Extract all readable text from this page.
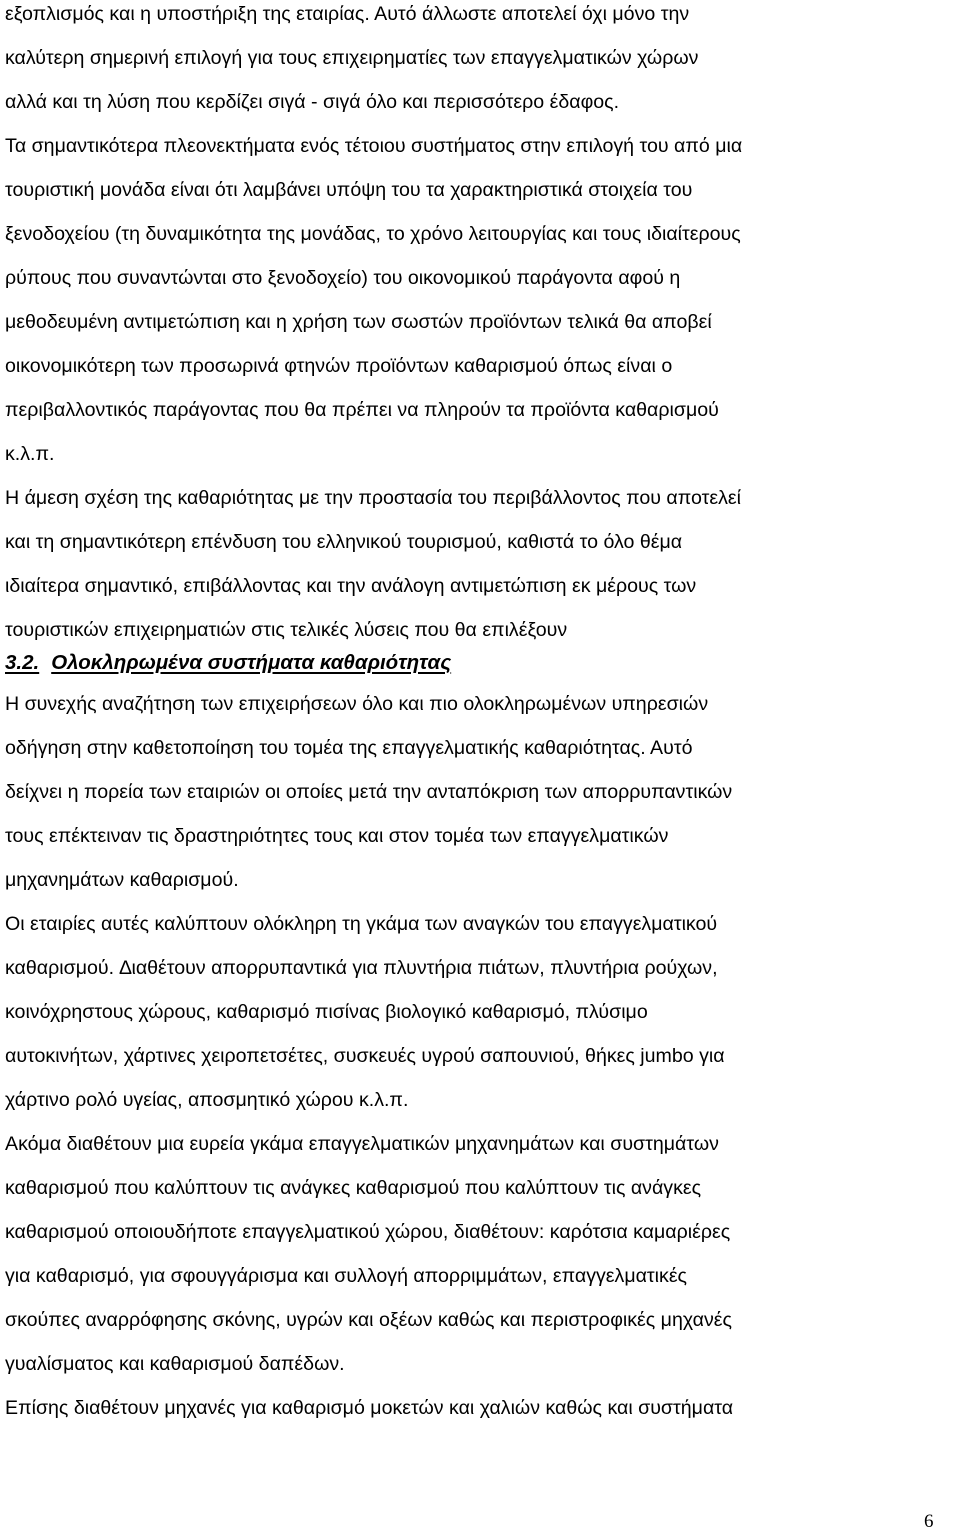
εξοπλισμός και η υποστήριξη της εταιρίας. Αυτό άλλωστε αποτελεί όχι μόνο την
καλύτερη σημερινή επιλογή για τους επιχειρηματίες των επαγγελματικών χώρων
αλλά και τη λύση που κερδίζει σιγά - σιγά όλο και περισσότερο έδαφος.
Τα σημαντικότερα πλεονεκτήματα ενός τέτοιου συστήματος στην επιλογή του από μια
τουριστική μονάδα είναι ότι λαμβάνει υπόψη του τα χαρακτηριστικά στοιχεία του
ξενοδοχείου (τη δυναμικότητα της μονάδας, το χρόνο λειτουργίας και τους ιδιαίτερους
ρύπους που συναντώνται στο ξενοδοχείο) του οικονομικού παράγοντα αφού η
μεθοδευμένη αντιμετώπιση και η χρήση των σωστών προϊόντων τελικά θα αποβεί
οικονομικότερη των προσωρινά φτηνών προϊόντων καθαρισμού όπως είναι ο
περιβαλλοντικός παράγοντας που θα πρέπει να πληρούν τα προϊόντα καθαρισμού
κ.λ.π.
Η άμεση σχέση της καθαριότητας με την προστασία του περιβάλλοντος που αποτελεί
και τη σημαντικότερη επένδυση του ελληνικού τουρισμού, καθιστά το όλο θέμα
ιδιαίτερα σημαντικό, επιβάλλοντας και την ανάλογη αντιμετώπιση εκ μέρους των
τουριστικών επιχειρηματιών στις τελικές λύσεις που θα επιλέξουν
3.2. Ολοκληρωμένα συστήματα καθαριότητας
Η συνεχής αναζήτηση των επιχειρήσεων όλο και πιο ολοκληρωμένων υπηρεσιών
οδήγηση στην καθετοποίηση του τομέα της επαγγελματικής καθαριότητας. Αυτό
δείχνει η πορεία των εταιριών οι οποίες μετά την ανταπόκριση των απορρυπαντικών
τους επέκτειναν τις δραστηριότητες τους και στον τομέα των επαγγελματικών
μηχανημάτων καθαρισμού.
Οι εταιρίες αυτές καλύπτουν ολόκληρη τη γκάμα των αναγκών του επαγγελματικού
καθαρισμού. ∆ιαθέτουν απορρυπαντικά για πλυντήρια πιάτων, πλυντήρια ρούχων,
κοινόχρηστους χώρους, καθαρισμό πισίνας βιολογικό καθαρισμό, πλύσιμο
αυτοκινήτων, χάρτινες χειροπετσέτες, συσκευές υγρού σαπουνιού, θήκες jumbo για
χάρτινο ρολό υγείας, αποσμητικό χώρου κ.λ.π.
Ακόμα διαθέτουν μια ευρεία γκάμα επαγγελματικών μηχανημάτων και συστημάτων
καθαρισμού που καλύπτουν τις ανάγκες καθαρισμού που καλύπτουν τις ανάγκες
καθαρισμού οποιουδήποτε επαγγελματικού χώρου, διαθέτουν: καρότσια καμαριέρες
για καθαρισμό, για σφουγγάρισμα και συλλογή απορριμμάτων, επαγγελματικές
σκούπες αναρρόφησης σκόνης, υγρών και οξέων καθώς και περιστροφικές μηχανές
γυαλίσματος και καθαρισμού δαπέδων.
Επίσης διαθέτουν μηχανές για καθαρισμό μοκετών και χαλιών καθώς και συστήματα
6
